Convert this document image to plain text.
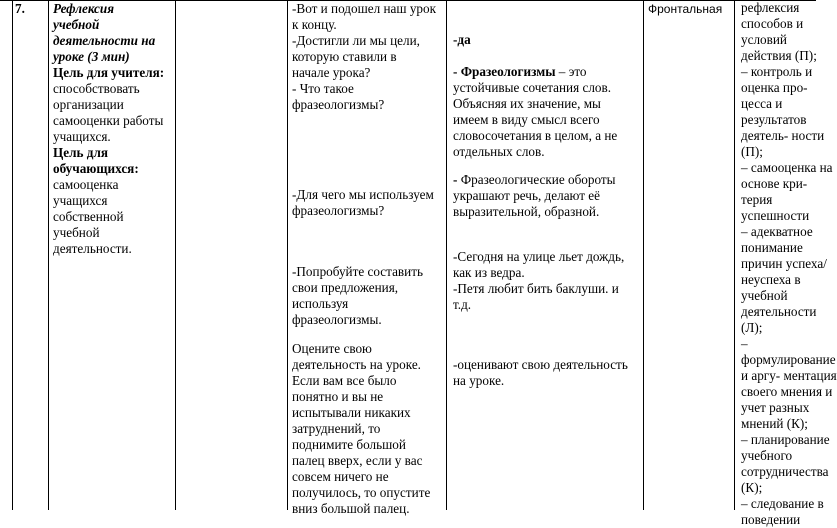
7.	Рефлексия

учебной

деятельности на

уроке (3 мин)

Цель для учителя:

способствовать

организации

самооценки работы

учащихся.

Цель для

обучающихся:

самооценка

учащихся

собственной

учебной

деятельности.

-Вот и подошел наш урок

к концу.

-Достигли ли мы цели,

которую ставили в

начале урока?

- Что такое

фразеологизмы?

-Для чего мы используем

фразеологизмы?

-Попробуйте составить

свои предложения,

используя

фразеологизмы.

Оцените свою

деятельность на уроке.

Если вам все было

понятно и вы не

испытывали никаких

затруднений, то

поднимите большой

палец вверх, если у вас

совсем ничего не

получилось, то опустите

вниз большой палец.

-да

- Фразеологизмы – это

устойчивые сочетания слов.

Объясняя их значение, мы

имеем в виду смысл всего

словосочетания в целом, а не

отдельных слов.

- Фразеологические обороты

украшают речь, делают её

выразительной, образной.

-Сегодня на улице льет дождь,

как из ведра.

-Петя любит бить баклуши. и

т.д.

-оценивают свою деятельность

на уроке.

Фронтальная	рефлексия

способов и

условий

действия (П);

– контроль и

оценка про-

цесса и

результатов

деятель- ности

(П);

– самооценка на

основе кри-

терия

успешности

– адекватное

понимание

причин успеха/

неуспеха в

учебной

деятельности

(Л);

–

формулирование

и аргу- ментация

своего мнения и

учет разных

мнений (К);

– планирование

учебного

сотрудничества

(К);

– следование в

поведении
